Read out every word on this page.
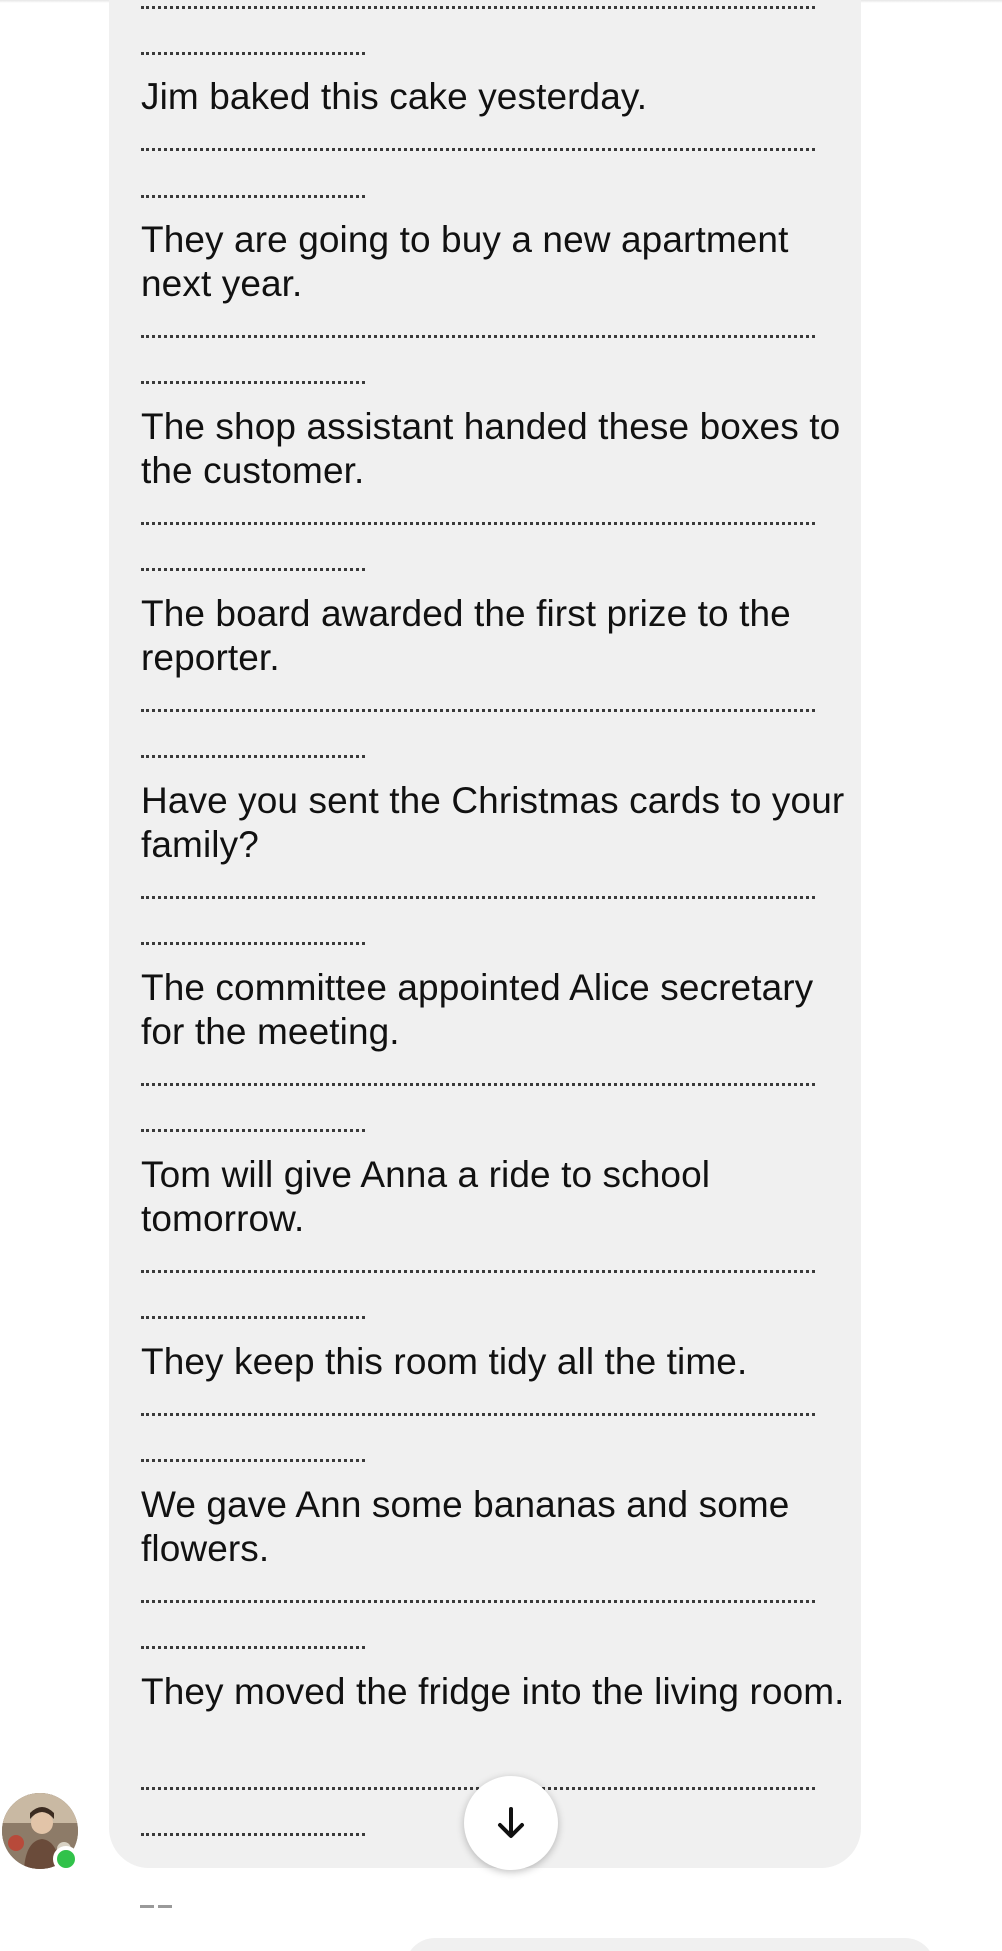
Jim baked this cake yesterday.
They are going to buy a new apartment next year.
The shop assistant handed these boxes to the customer.
The board awarded the first prize to the reporter.
Have you sent the Christmas cards to your family?
The committee appointed Alice secretary for the meeting.
Tom will give Anna a ride to school tomorrow.
They keep this room tidy all the time.
We gave Ann some bananas and some flowers.
They moved the fridge into the living room.
